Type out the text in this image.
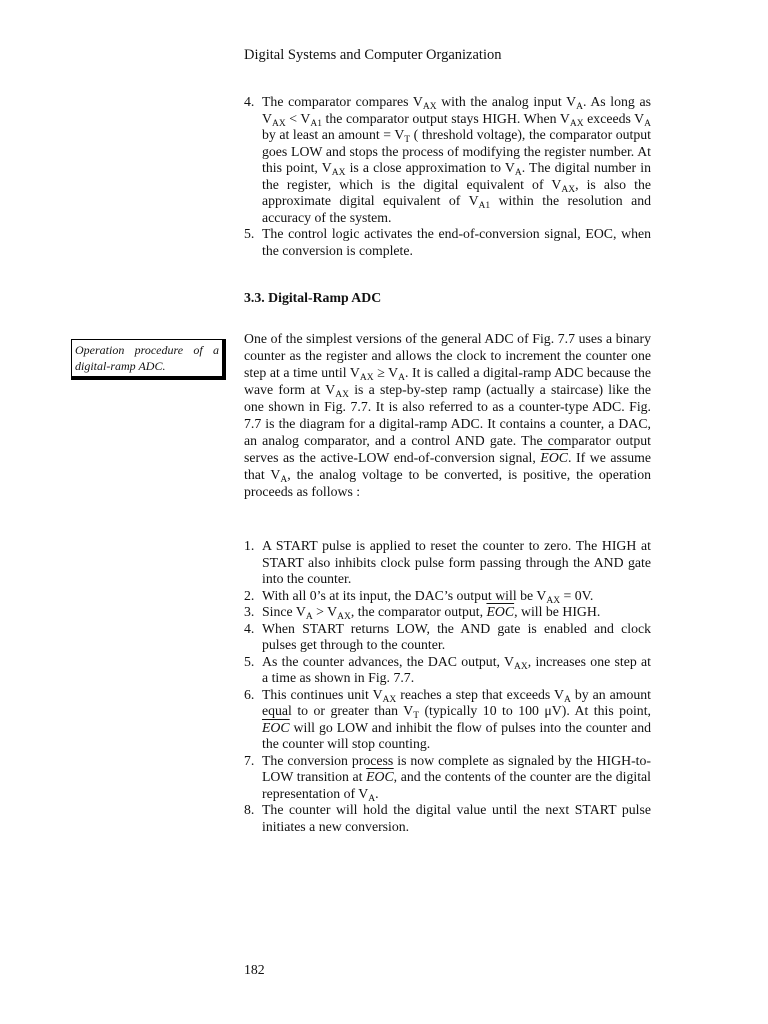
Digital Systems and Computer Organization
4. The comparator compares $V_{AX}$ with the analog input $V_A$. As long as $V_{AX} < V_{A1}$ the comparator output stays HIGH. When $V_{AX}$ exceeds $V_A$ by at least an amount = $V_T$ ( threshold voltage), the comparator output goes LOW and stops the process of modifying the register number. At this point, $V_{AX}$ is a close approximation to $V_A$. The digital number in the register, which is the digital equivalent of $V_{AX}$, is also the approximate digital equivalent of $V_{A1}$ within the resolution and accuracy of the system.
5. The control logic activates the end-of-conversion signal, EOC, when the conversion is complete.
3.3. Digital-Ramp ADC
Operation procedure of a digital-ramp ADC.

One of the simplest versions of the general ADC of Fig. 7.7 uses a binary counter as the register and allows the clock to increment the counter one step at a time until $V_{AX} \ge V_A$. It is called a digital-ramp ADC because the wave form at $V_{AX}$ is a step-by-step ramp (actually a staircase) like the one shown in Fig. 7.7. It is also referred to as a counter-type ADC. Fig. 7.7 is the diagram for a digital-ramp ADC. It contains a counter, a DAC, an analog comparator, and a control AND gate. The comparator output serves as the active-LOW end-of-conversion signal, $\overline{EOC}$. If we assume that $V_A$, the analog voltage to be converted, is positive, the operation proceeds as follows :

1. A START pulse is applied to reset the counter to zero. The HIGH at START also inhibits clock pulse form passing through the AND gate into the counter.
2. With all 0’s at its input, the DAC’s output will be $V_{AX} = 0V$.
3. Since $V_A > V_{AX}$, the comparator output, $\overline{EOC}$, will be HIGH.
4. When START returns LOW, the AND gate is enabled and clock pulses get through to the counter.
5. As the counter advances, the DAC output, $V_{AX}$, increases one step at a time as shown in Fig. 7.7.
6. This continues unit $V_{AX}$ reaches a step that exceeds $V_A$ by an amount equal to or greater than $V_T$ (typically 10 to 100 μV). At this point, $\overline{EOC}$ will go LOW and inhibit the flow of pulses into the counter and the counter will stop counting.
7. The conversion process is now complete as signaled by the HIGH-to-LOW transition at $\overline{EOC}$, and the contents of the counter are the digital representation of $V_A$.
8. The counter will hold the digital value until the next START pulse initiates a new conversion.
182
